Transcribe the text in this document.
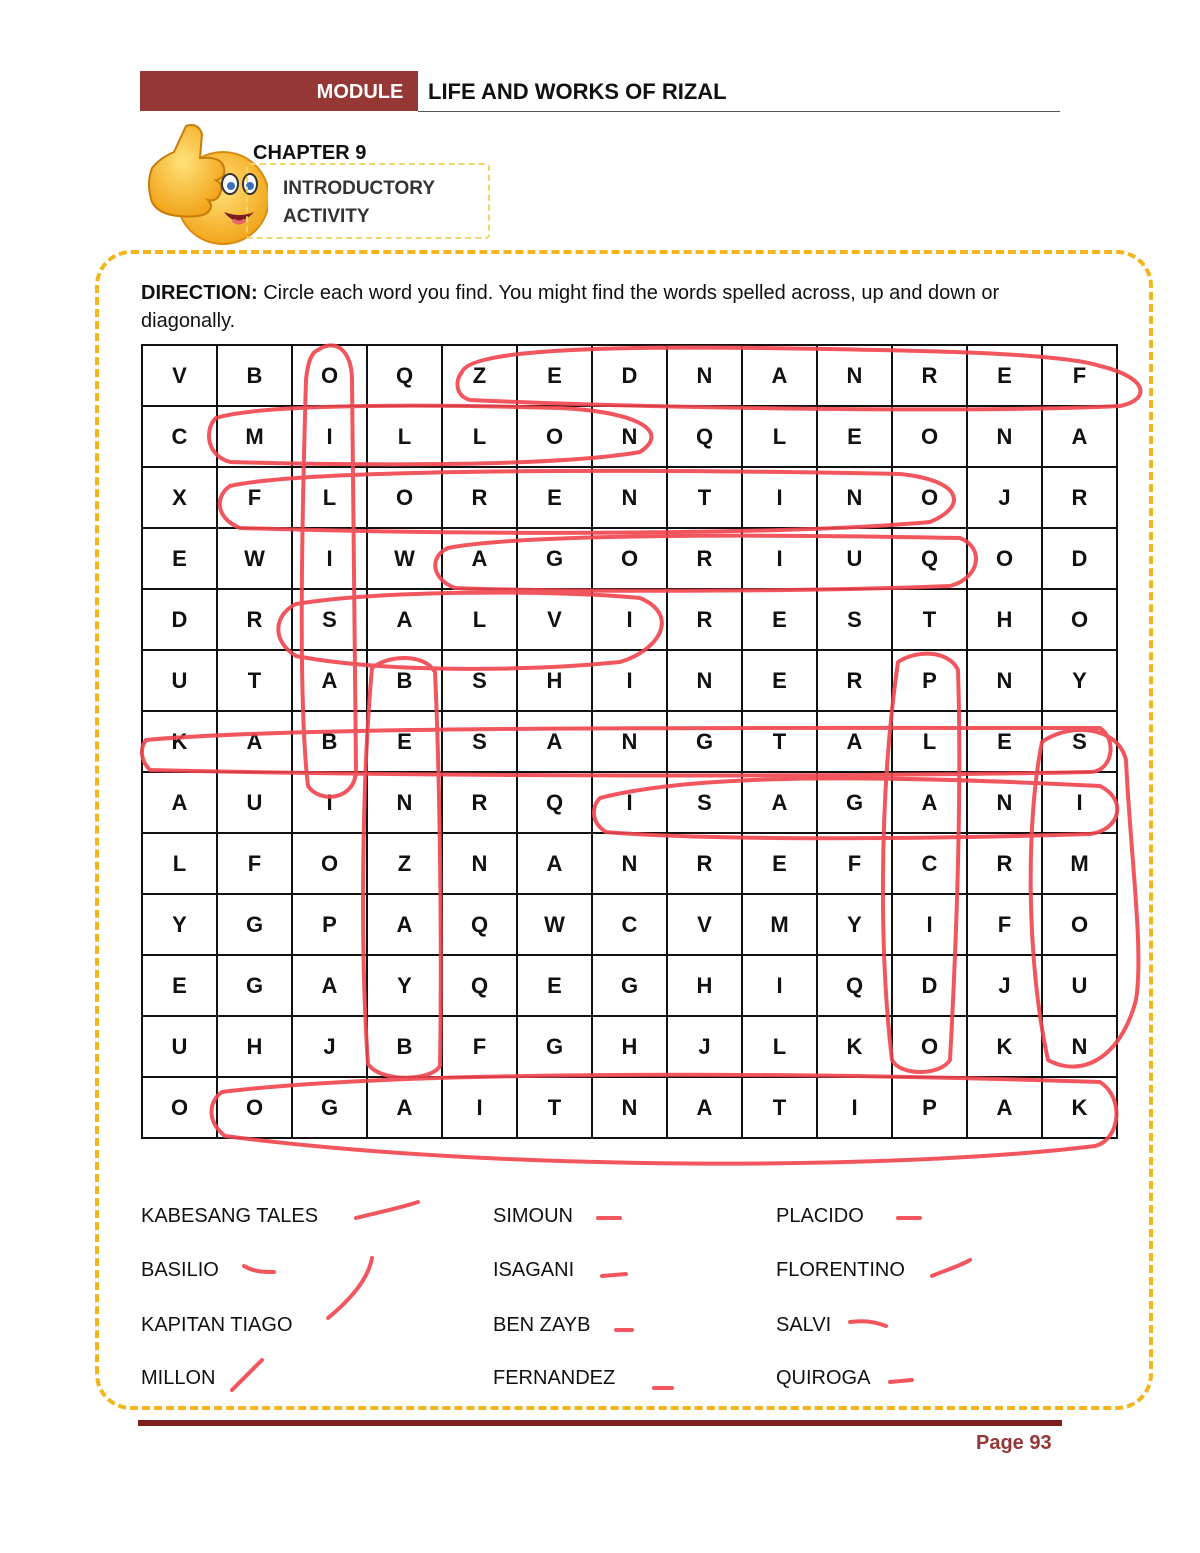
MODULE	LIFE AND WORKS OF RIZAL
CHAPTER 9
INTRODUCTORY
ACTIVITY
DIRECTION: Circle each word you find. You might find the words spelled across, up and down or diagonally.
V	B	O	Q	Z	E	D	N	A	N	R	E	F
C	M	I	L	L	O	N	Q	L	E	O	N	A
X	F	L	O	R	E	N	T	I	N	O	J	R
E	W	I	W	A	G	O	R	I	U	Q	O	D
D	R	S	A	L	V	I	R	E	S	T	H	O
U	T	A	B	S	H	I	N	E	R	P	N	Y
K	A	B	E	S	A	N	G	T	A	L	E	S
A	U	I	N	R	Q	I	S	A	G	A	N	I
L	F	O	Z	N	A	N	R	E	F	C	R	M
Y	G	P	A	Q	W	C	V	M	Y	I	F	O
E	G	A	Y	Q	E	G	H	I	Q	D	J	U
U	H	J	B	F	G	H	J	L	K	O	K	N
O	O	G	A	I	T	N	A	T	I	P	A	K
KABESANG TALES
BASILIO
KAPITAN TIAGO
MILLON
SIMOUN
ISAGANI
BEN ZAYB
FERNANDEZ
PLACIDO
FLORENTINO
SALVI
QUIROGA
Page 93
